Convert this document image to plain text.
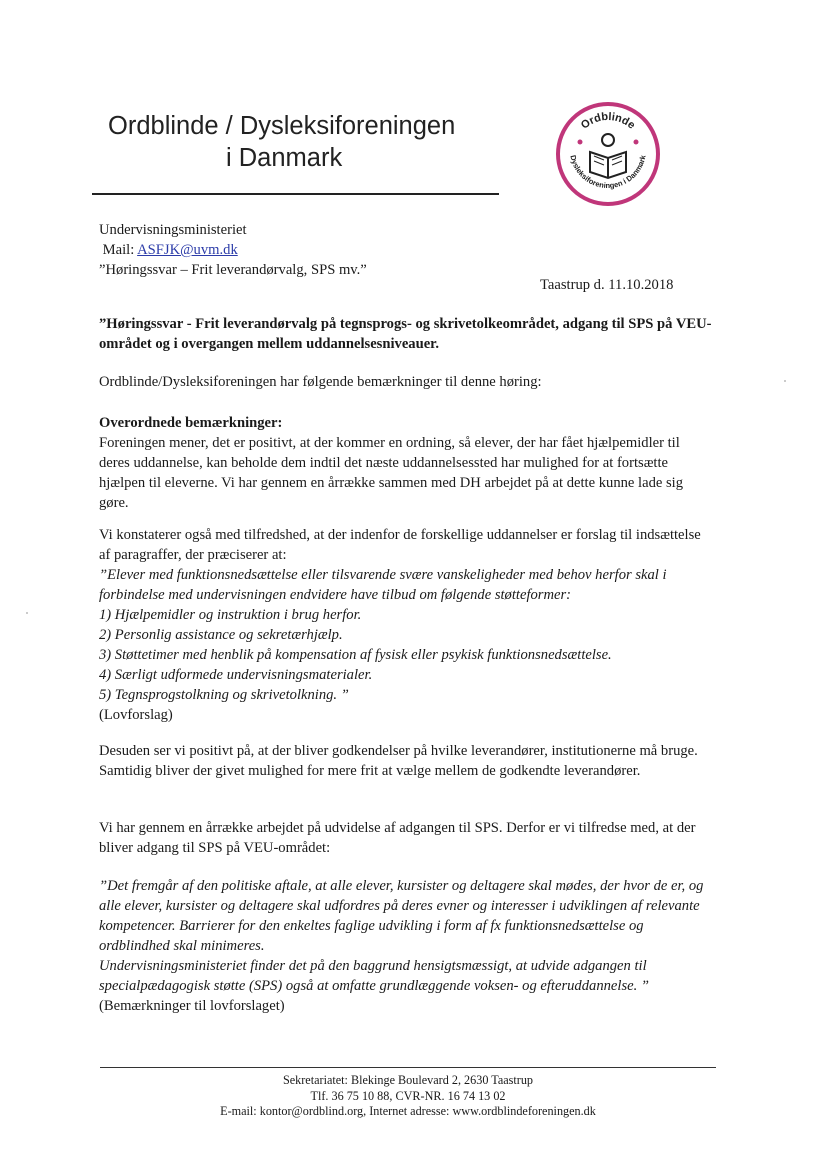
Ordblinde / Dysleksiforeningen
i Danmark
Ordblinde
Dysleksiforeningen i Danmark

Undervisningsministeriet

Mail: ASFJK@uvm.dk

”Høringssvar – Frit leverandørvalg, SPS mv.”

Taastrup d. 11.10.2018
”Høringssvar - Frit leverandørvalg på tegnsprogs- og skrivetolkeområdet, adgang til SPS på VEU-området og i overgangen mellem uddannelsesniveauer.

Ordblinde/Dysleksiforeningen har følgende bemærkninger til denne høring:

Overordnede bemærkninger:

Foreningen mener, det er positivt, at der kommer en ordning, så elever, der har fået hjælpemidler til deres uddannelse, kan beholde dem indtil det næste uddannelsessted har mulighed for at fortsætte hjælpen til eleverne. Vi har gennem en årrække sammen med DH arbejdet på at dette kunne lade sig gøre.

Vi konstaterer også med tilfredshed, at der indenfor de forskellige uddannelser er forslag til indsættelse af paragraffer, der præciserer at:

”Elever med funktionsnedsættelse eller tilsvarende svære vanskeligheder med behov herfor skal i forbindelse med undervisningen endvidere have tilbud om følgende støtteformer:

1) Hjælpemidler og instruktion i brug herfor.

2) Personlig assistance og sekretærhjælp.

3) Støttetimer med henblik på kompensation af fysisk eller psykisk funktionsnedsættelse.

4) Særligt udformede undervisningsmaterialer.

5) Tegnsprogstolkning og skrivetolkning. ”

(Lovforslag)

Desuden ser vi positivt på, at der bliver godkendelser på hvilke leverandører, institutionerne må bruge. Samtidig bliver der givet mulighed for mere frit at vælge mellem de godkendte leverandører.

Vi har gennem en årrække arbejdet på udvidelse af adgangen til SPS. Derfor er vi tilfredse med, at der bliver adgang til SPS på VEU-området:

”Det fremgår af den politiske aftale, at alle elever, kursister og deltagere skal mødes, der hvor de er, og alle elever, kursister og deltagere skal udfordres på deres evner og interesser i udviklingen af relevante kompetencer. Barrierer for den enkeltes faglige udvikling i form af fx funktionsnedsættelse og ordblindhed skal minimeres.

Undervisningsministeriet finder det på den baggrund hensigtsmæssigt, at udvide adgangen til specialpædagogisk støtte (SPS) også at omfatte grundlæggende voksen- og efteruddannelse. ”

(Bemærkninger til lovforslaget)

Sekretariatet: Blekinge Boulevard 2, 2630 Taastrup
Tlf. 36 75 10 88, CVR-NR. 16 74 13 02
E-mail: kontor@ordblind.org, Internet adresse: www.ordblindeforeningen.dk
